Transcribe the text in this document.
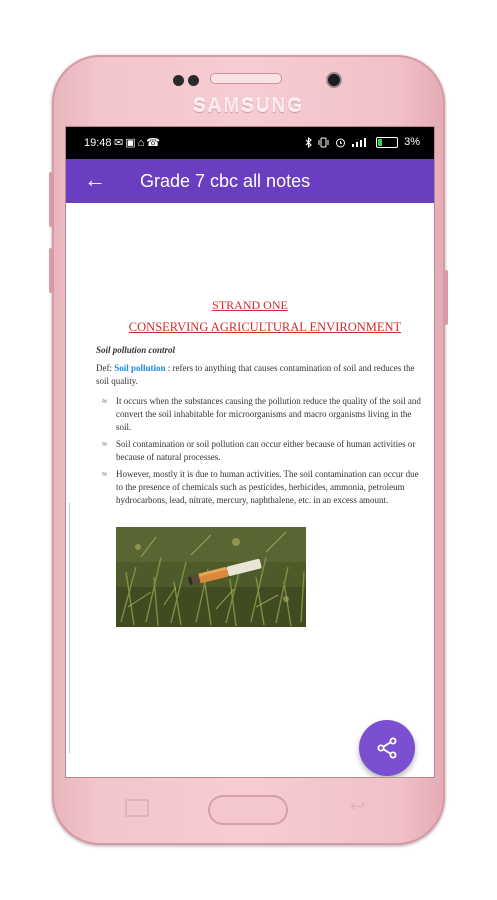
SAMSUNG
19:48 ✉▣⌂☎	3%
← Grade 7 cbc all notes
STRAND ONE
CONSERVING AGRICULTURAL ENVIRONMENT
Soil pollution control
Def: Soil pollution : refers to anything that causes contamination of soil and reduces the soil quality.
≈ It occurs when the substances causing the pollution reduce the quality of the soil and convert the soil inhabitable for microorganisms and macro organisms living in the soil.
≈ Soil contamination or soil pollution can occur either because of human activities or because of natural processes.
≈ However, mostly it is due to human activities. The soil contamination can occur due to the presence of chemicals such as pesticides, herbicides, ammonia, petroleum hydrocarbons, lead, nitrate, mercury, naphthalene, etc. in an excess amount.
↩
